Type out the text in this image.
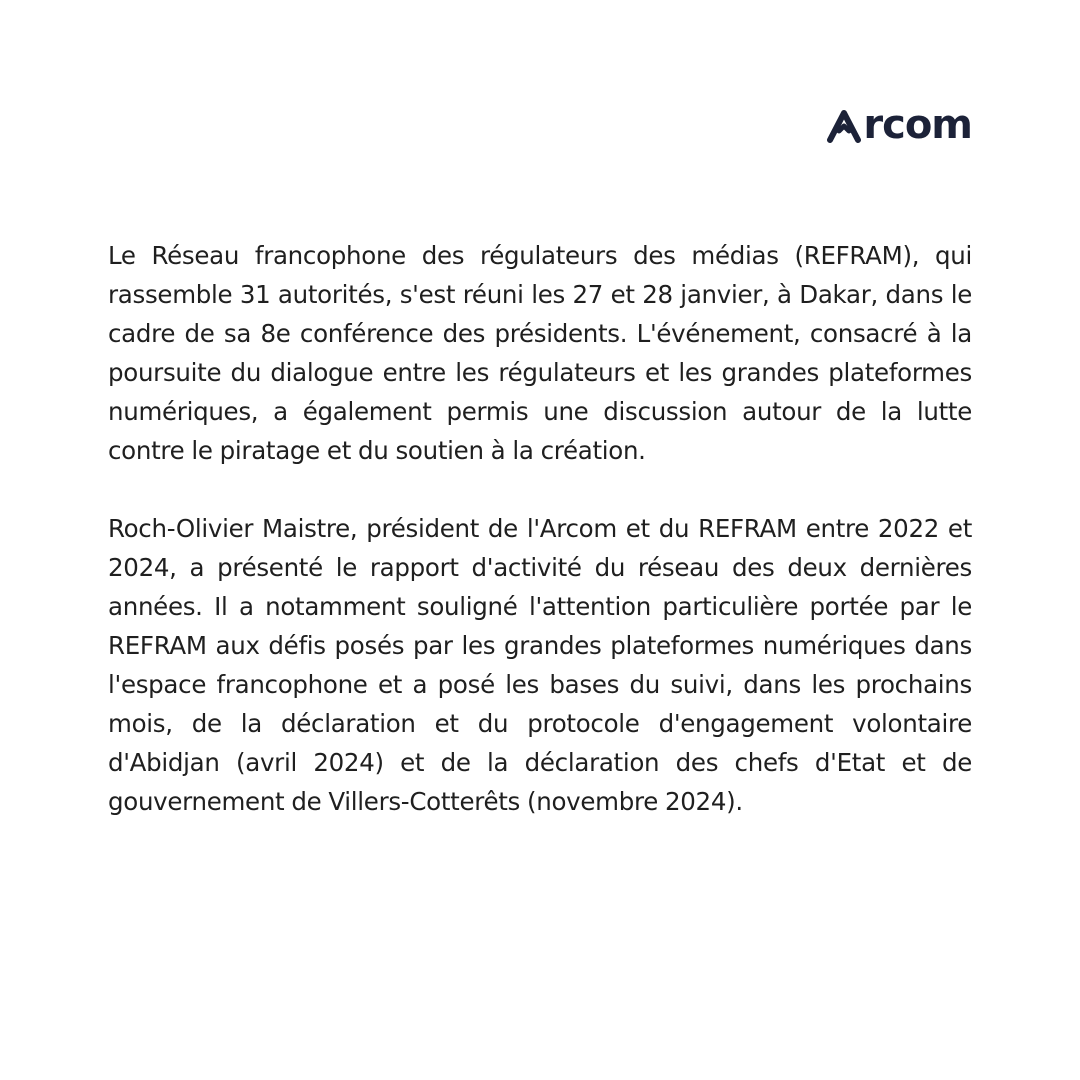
rcom

Le Réseau francophone des régulateurs des médias (REFRAM), qui rassemble 31 autorités, s'est réuni les 27 et 28 janvier, à Dakar, dans le cadre de sa 8e conférence des présidents. L'événement, consacré à la poursuite du dialogue entre les régulateurs et les grandes plateformes numériques, a également permis une discussion autour de la lutte contre le piratage et du soutien à la création.

Roch-Olivier Maistre, président de l'Arcom et du REFRAM entre 2022 et 2024, a présenté le rapport d'activité du réseau des deux dernières années. Il a notamment souligné l'attention particulière portée par le REFRAM aux défis posés par les grandes plateformes numériques dans l'espace francophone et a posé les bases du suivi, dans les prochains mois, de la déclaration et du protocole d'engagement volontaire d'Abidjan (avril 2024) et de la déclaration des chefs d'Etat et de gouvernement de Villers-Cotterêts (novembre 2024).
